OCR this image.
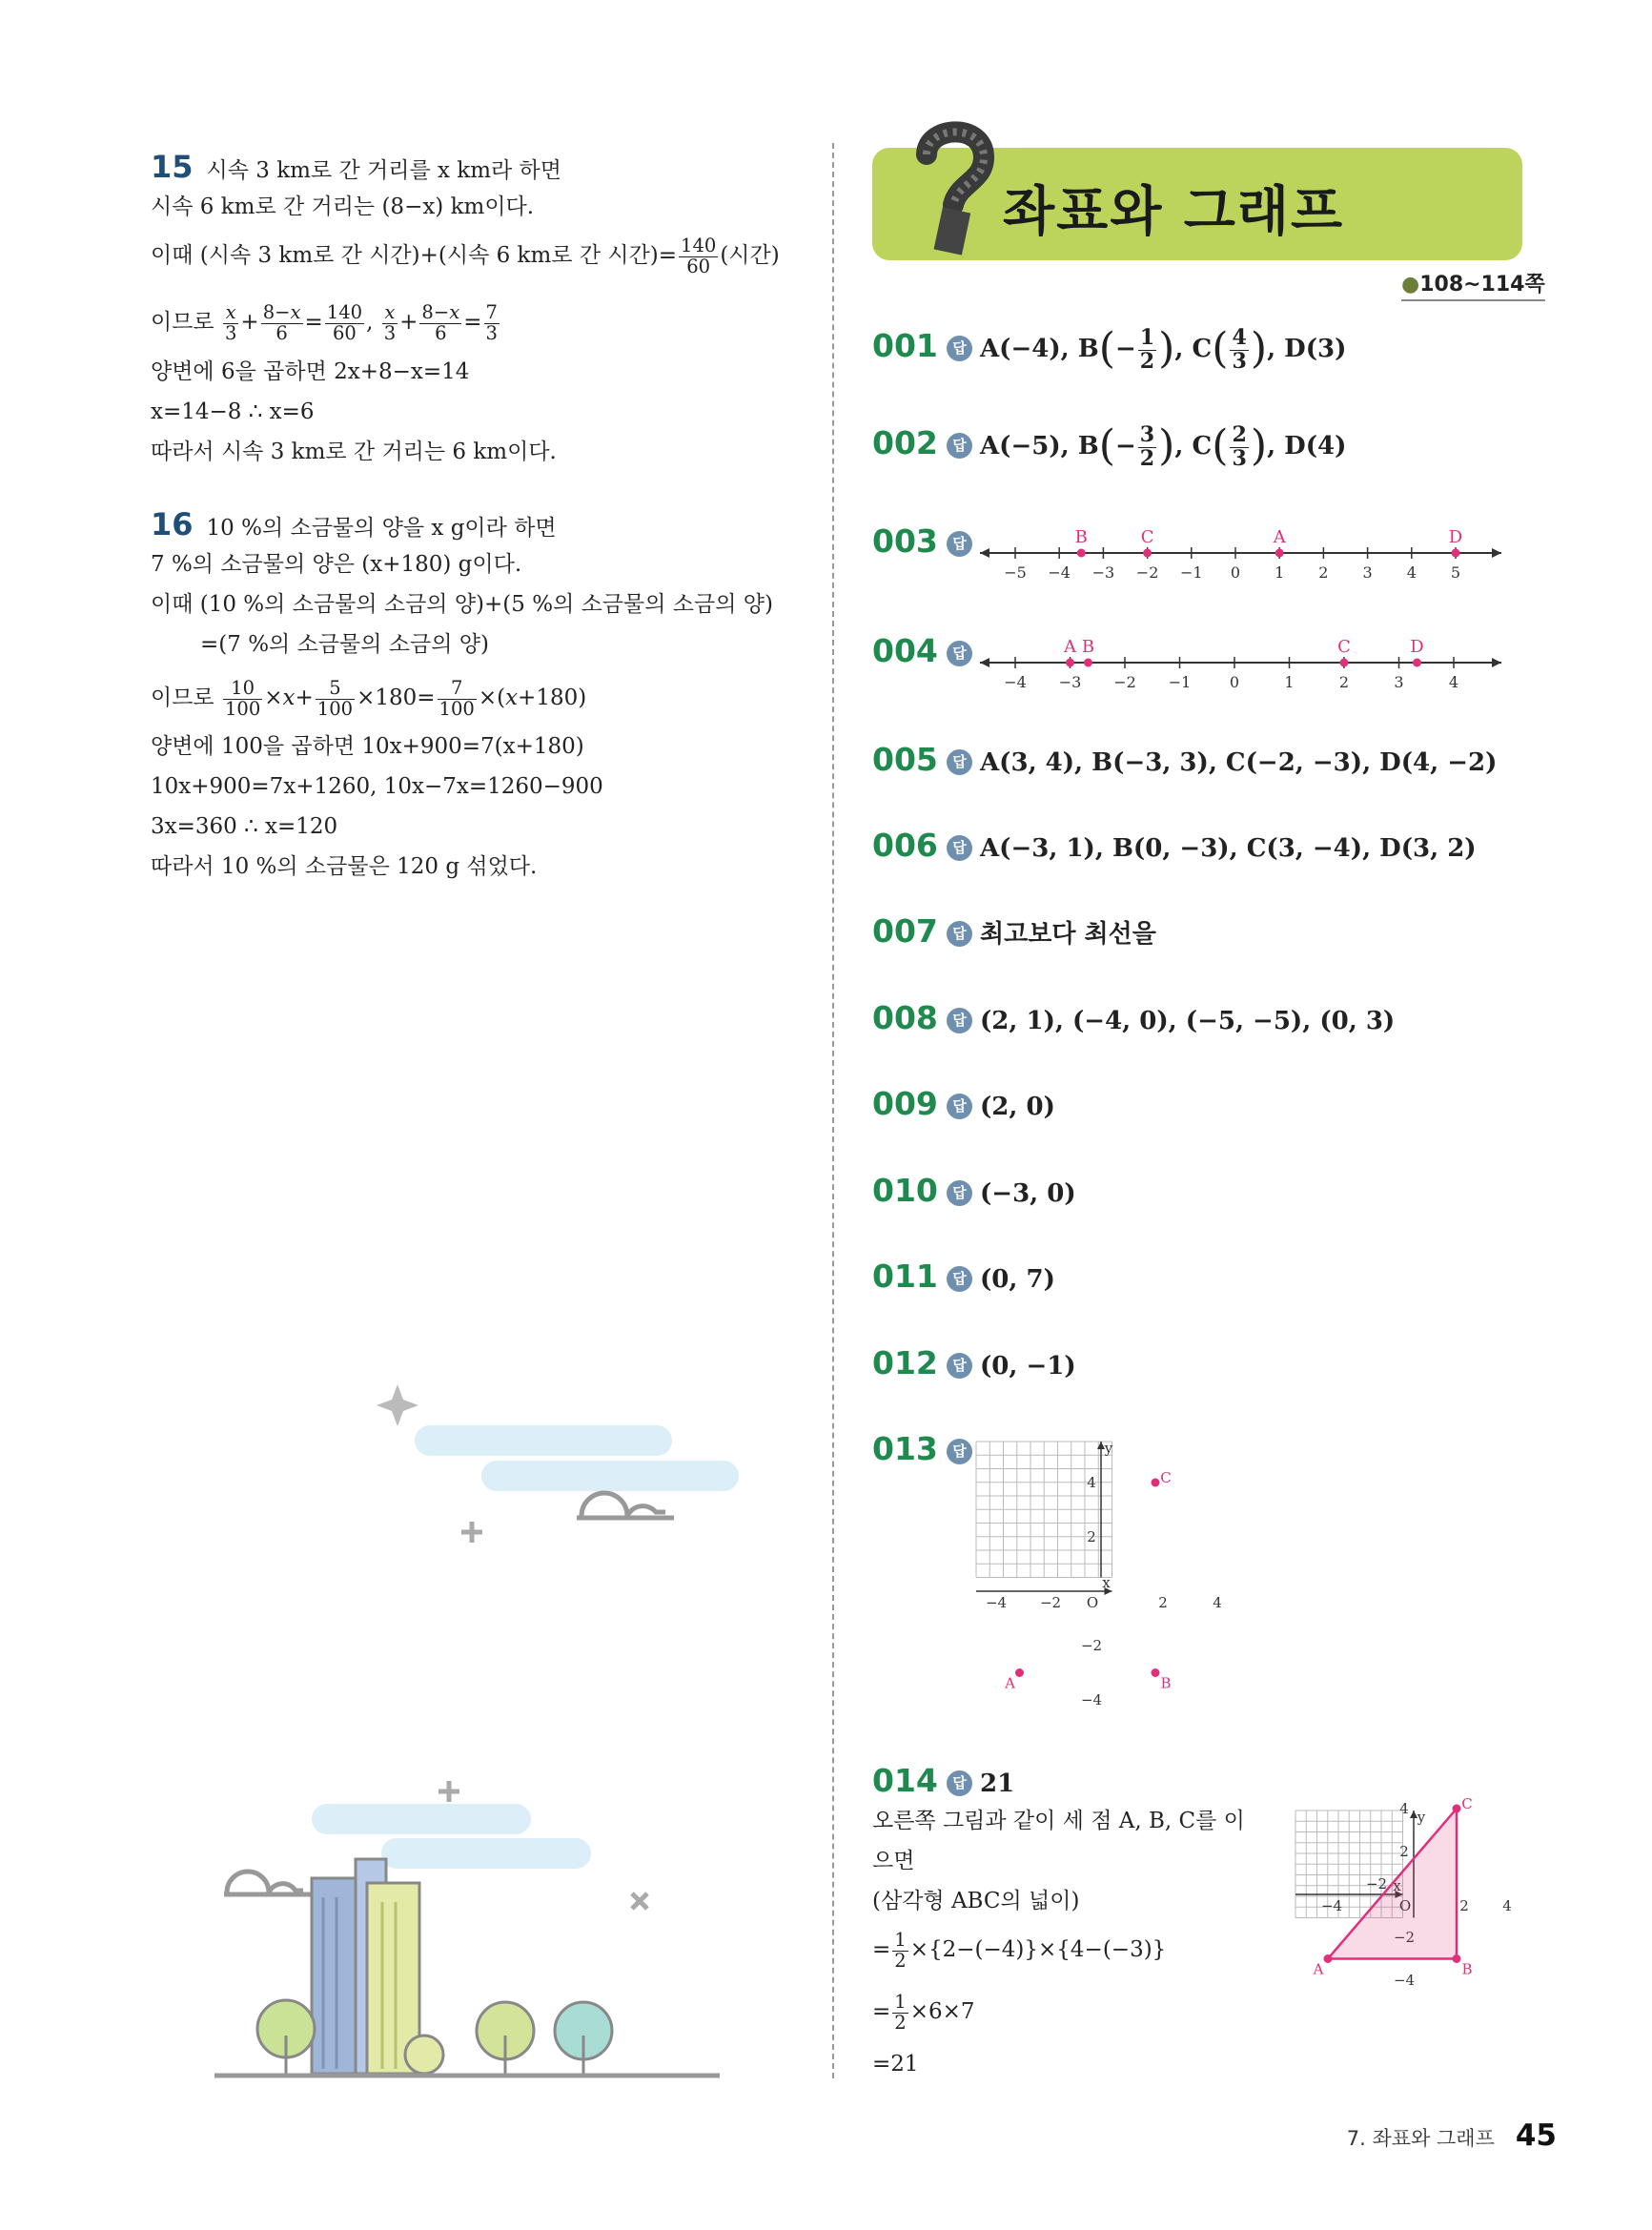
15 시속 3 km로 간 거리를 x km라 하면
시속 6 km로 간 거리는 (8−x) km이다.
이때 (시속 3 km로 간 시간)+(시속 6 km로 간 시간)= $\frac{140}{60}$ (시간)
이므로 $\frac{x}{3} + \frac{8-x}{6} = \frac{140}{60}$ , $\frac{x}{3} + \frac{8-x}{6} = \frac{7}{3}$
양변에 6을 곱하면 2x+8−x=14
x=14−8 ∴ x=6
따라서 시속 3 km로 간 거리는 6 km이다.
16 10 %의 소금물의 양을 x g이라 하면
7 %의 소금물의 양은 (x+180) g이다.
이때 (10 %의 소금물의 소금의 양)+(5 %의 소금물의 소금의 양)
=(7 %의 소금물의 소금의 양)
이므로 $\frac{10}{100} \times x+ \frac{5}{100} \times 180= \frac{7}{100} \times(x+180)$
양변에 100을 곱하면 10x+900=7(x+180)
10x+900=7x+1260, 10x−7x=1260−900
3x=360 ∴ x=120
따라서 10 %의 소금물은 120 g 섞었다.
좌표와 그래프
●108~114쪽
001 답 A(−4), $B(- \frac{1}{2}$ ), $C( \frac{4}{3}$ ), D(3)
002 답 A(−5), $B(- \frac{3}{2}$ ), $C( \frac{2}{3}$ ), D(4)
003 답
−5 −4 −3 −2 −1 0 1 2 3 4 5
B	C	A	D
004 답
−4 −3 −2 −1	0	1	2	3	4
A B	C	D
005 답 A(3, 4), B(−3, 3), C(−2, −3), D(4, −2)
006 답 A(−3, 1), B(0, −3), C(3, −4), D(3, 2)
007 답 최고보다 최선을
008 답 (2, 1), (−4, 0), (−5, −5), (0, 3)
009 답 (2, 0)
010 답 (−3, 0)
011 답 (0, 7)
012 답 (0, −1)
013 답
x
y
O
−4 −2	2	4
4
2
−2
−4
A	B
C
014 답 21
오른쪽 그림과 같이 세 점 A, B, C를 이
으면
(삼각형 ABC의 넓이)
= $\frac{1}{2} \times\{2-(-4)\}\times\{4-(-3)\}$
= $\frac{1}{2} \times 6\times 7$
=21
y
−4	2 4
−2
4
2
−4
A	B
C
7. 좌표와 그래프 45
